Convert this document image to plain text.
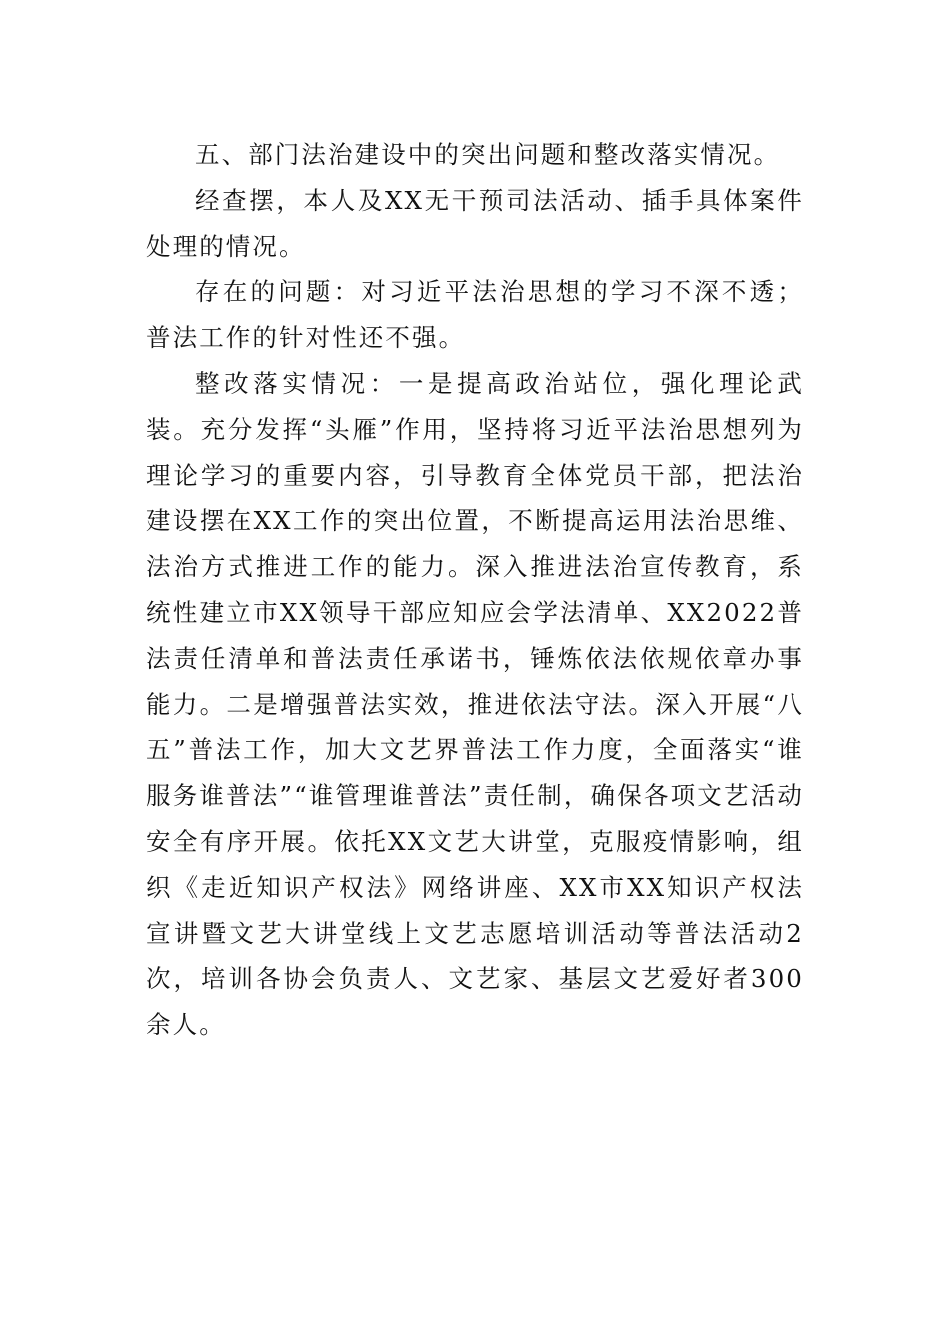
五、部门法治建设中的突出问题和整改落实情况。

经查摆，本人及XX无干预司法活动、插手具体案件处理的情况。

存在的问题：对习近平法治思想的学习不深不透；普法工作的针对性还不强。

整改落实情况：一是提高政治站位，强化理论武装。充分发挥“头雁”作用，坚持将习近平法治思想列为理论学习的重要内容，引导教育全体党员干部，把法治建设摆在XX工作的突出位置，不断提高运用法治思维、法治方式推进工作的能力。深入推进法治宣传教育，系统性建立市XX领导干部应知应会学法清单、XX2022普法责任清单和普法责任承诺书，锤炼依法依规依章办事能力。二是增强普法实效，推进依法守法。深入开展“八五”普法工作，加大文艺界普法工作力度，全面落实“谁服务谁普法”“谁管理谁普法”责任制，确保各项文艺活动安全有序开展。依托XX文艺大讲堂，克服疫情影响，组织《走近知识产权法》网络讲座、XX市XX知识产权法宣讲暨文艺大讲堂线上文艺志愿培训活动等普法活动2次，培训各协会负责人、文艺家、基层文艺爱好者300余人。
